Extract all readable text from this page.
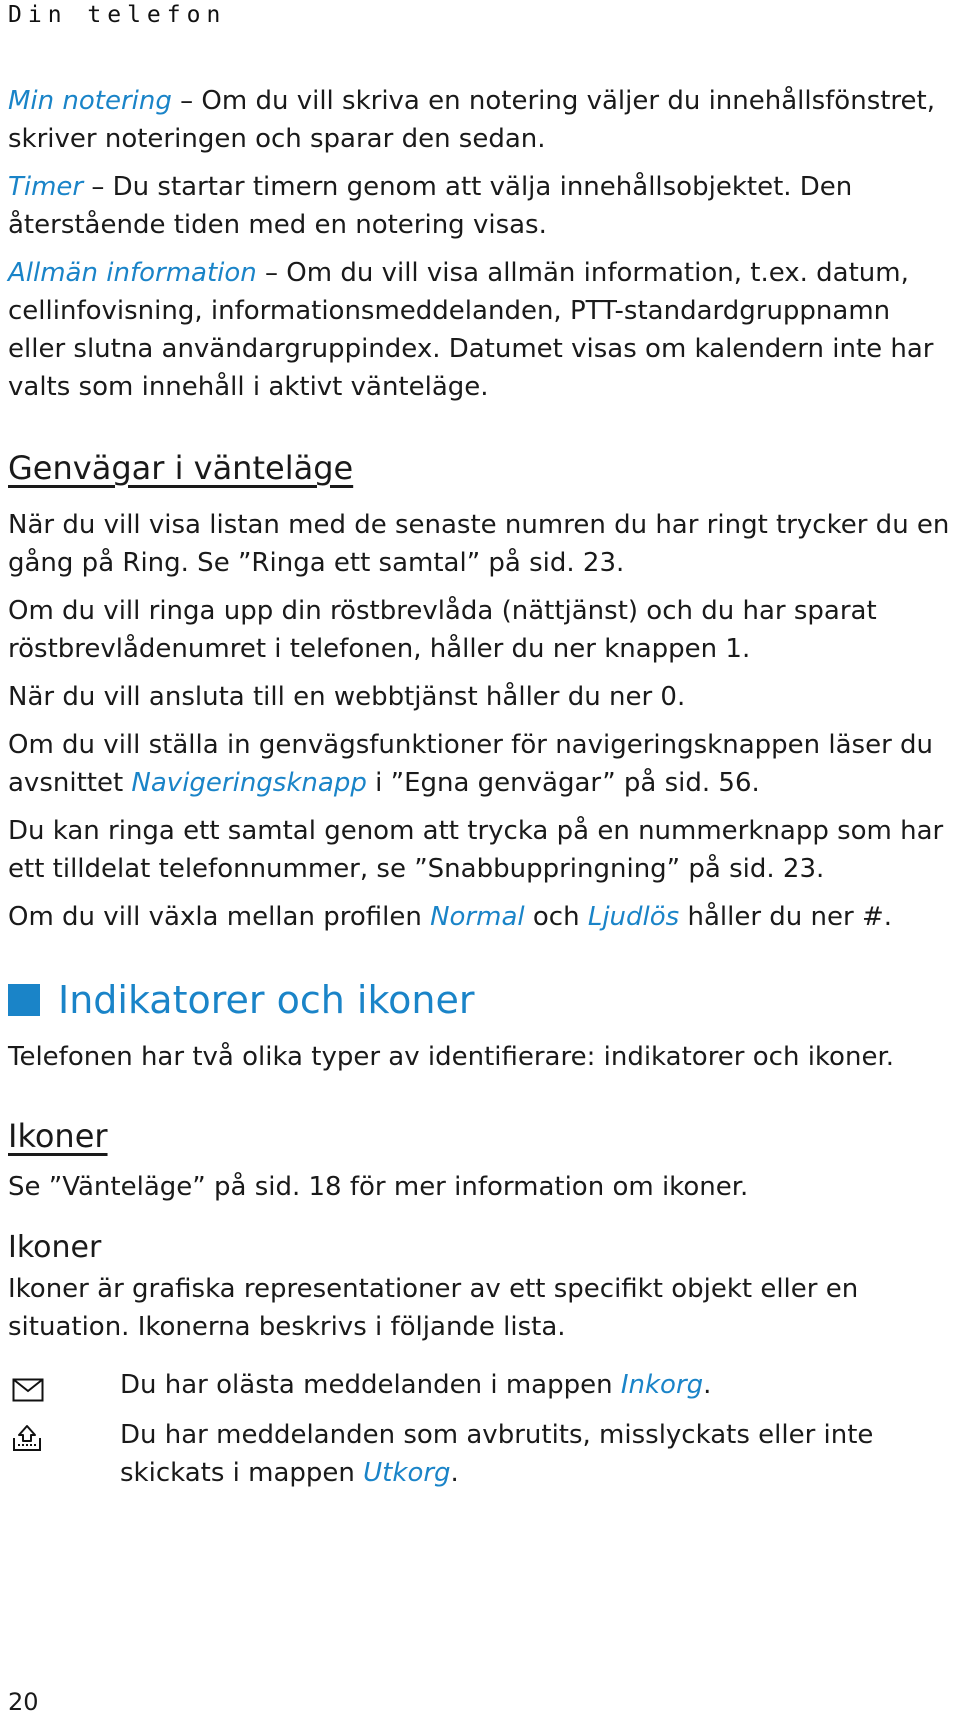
Din telefon

Min notering – Om du vill skriva en notering väljer du innehållsfönstret, skriver noteringen och sparar den sedan.

Timer – Du startar timern genom att välja innehållsobjektet. Den återstående tiden med en notering visas.

Allmän information – Om du vill visa allmän information, t.ex. datum, cellinfovisning, informationsmeddelanden, PTT-standardgruppnamn eller slutna användargruppindex. Datumet visas om kalendern inte har valts som innehåll i aktivt vänteläge.

Genvägar i vänteläge

När du vill visa listan med de senaste numren du har ringt trycker du en gång på Ring. Se ”Ringa ett samtal” på sid. 23.

Om du vill ringa upp din röstbrevlåda (nättjänst) och du har sparat röstbrevlådenumret i telefonen, håller du ner knappen 1.

När du vill ansluta till en webbtjänst håller du ner 0.

Om du vill ställa in genvägsfunktioner för navigeringsknappen läser du avsnittet Navigeringsknapp i ”Egna genvägar” på sid. 56.

Du kan ringa ett samtal genom att trycka på en nummerknapp som har ett tilldelat telefonnummer, se ”Snabbuppringning” på sid. 23.

Om du vill växla mellan profilen Normal och Ljudlös håller du ner #.

Indikatorer och ikoner

Telefonen har två olika typer av identifierare: indikatorer och ikoner.

Ikoner

Se ”Vänteläge” på sid. 18 för mer information om ikoner.

Ikoner

Ikoner är grafiska representationer av ett specifikt objekt eller en situation. Ikonerna beskrivs i följande lista.

Du har olästa meddelanden i mappen Inkorg.

Du har meddelanden som avbrutits, misslyckats eller inte skickats i mappen Utkorg.

20
